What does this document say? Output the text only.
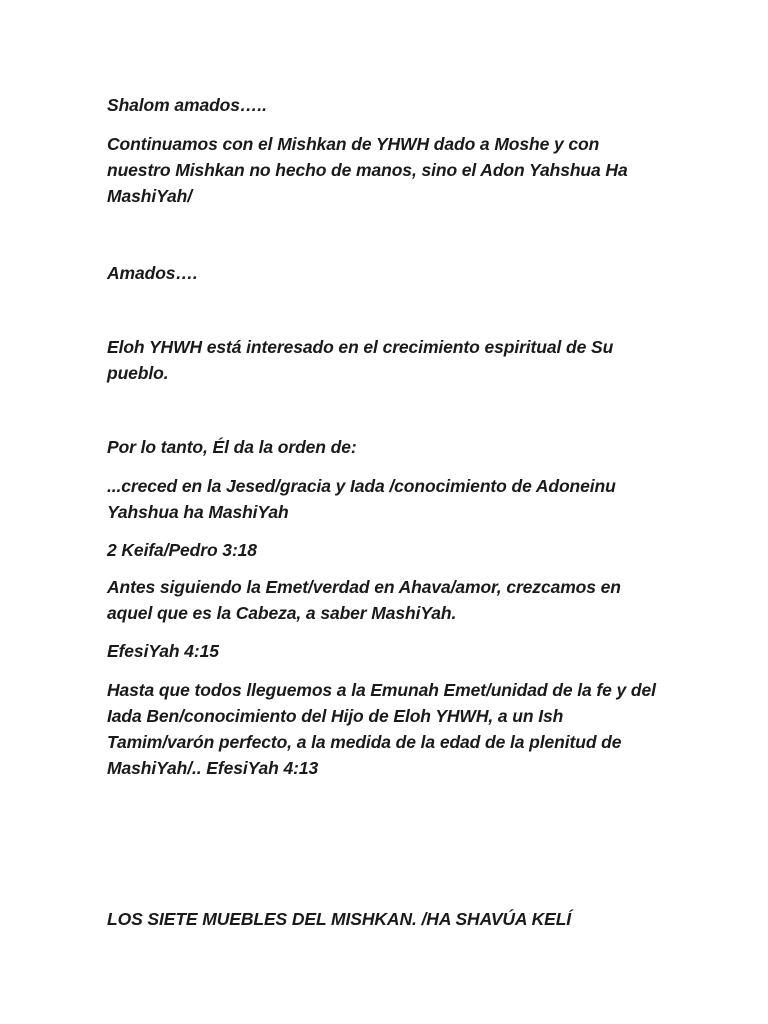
Shalom amados…..

Continuamos con el Mishkan de YHWH dado a Moshe y con nuestro Mishkan no hecho de manos, sino el Adon Yahshua Ha MashiYah/

Amados….

Eloh YHWH está interesado en el crecimiento espiritual de Su pueblo.

Por lo tanto, Él da la orden de:

...creced en la Jesed/gracia y Iada /conocimiento de Adoneinu Yahshua ha MashiYah

2 Keifa/Pedro 3:18

Antes siguiendo la Emet/verdad en Ahava/amor, crezcamos en aquel que es la Cabeza, a saber MashiYah.

EfesiYah 4:15

Hasta que todos lleguemos a la Emunah Emet/unidad de la fe y del Iada Ben/conocimiento del Hijo de Eloh YHWH, a un Ish Tamim/varón perfecto, a la medida de la edad de la plenitud de MashiYah/.. EfesiYah 4:13

LOS SIETE MUEBLES DEL MISHKAN. /HA SHAVÚA KELÍ
